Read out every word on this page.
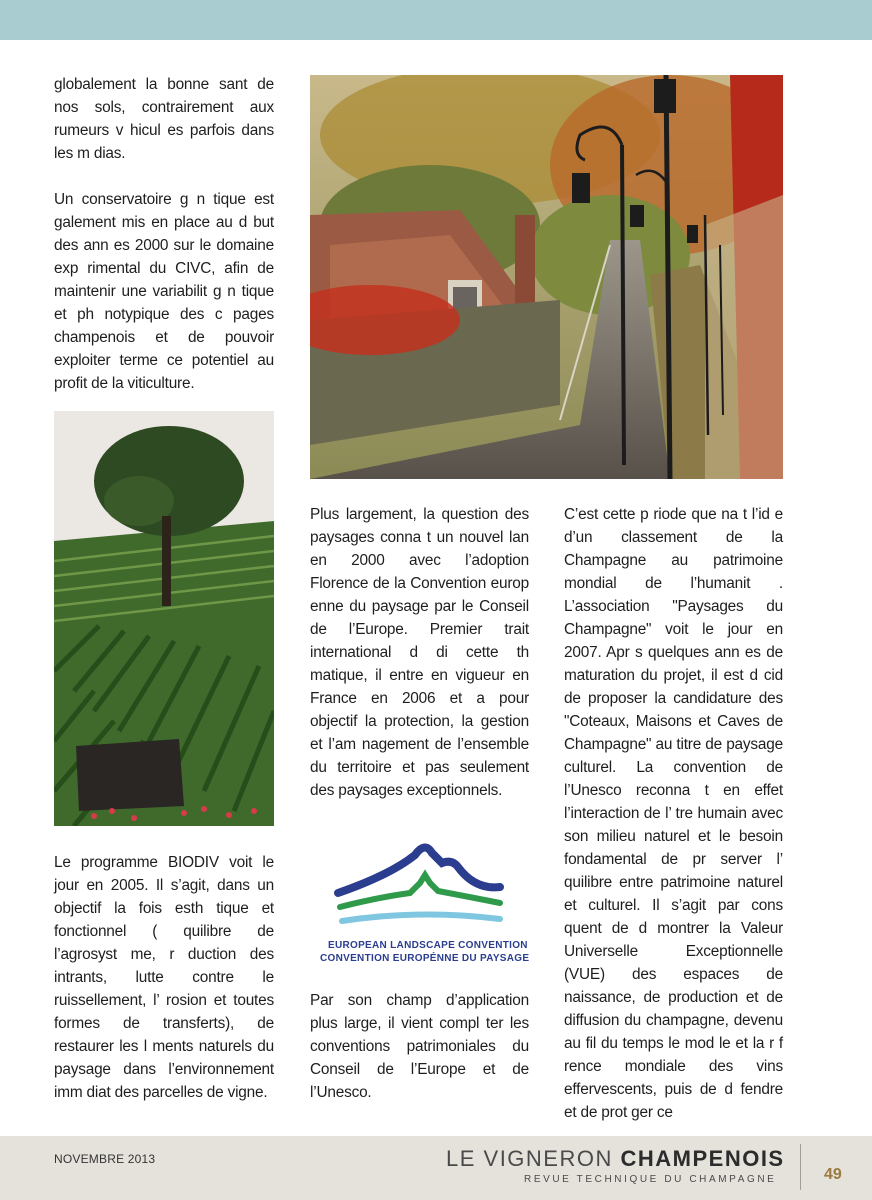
globalement la bonne sant de nos sols, contrairement aux rumeurs v hicul es parfois dans les m dias.

Un conservatoire g n tique est galement mis en place au d but des ann es 2000 sur le domaine exp rimental du CIVC, afin de maintenir une variabilit g n tique et ph notypique des c pages champenois et de pouvoir exploiter terme ce potentiel au profit de la viticulture.

Le programme BIODIV voit le jour en 2005. Il s’agit, dans un objectif la fois esth tique et fonctionnel ( quilibre de l’agrosyst me, r duction des intrants, lutte contre le ruissellement, l’ rosion et toutes formes de transferts), de restaurer les l ments naturels du paysage dans l’environnement imm diat des parcelles de vigne.

Plus largement, la question des paysages conna t un nouvel lan en 2000 avec l’adoption Florence de la Convention europ enne du paysage par le Conseil de l’Europe. Premier trait international d di cette th matique, il entre en vigueur en France en 2006 et a pour objectif la protection, la gestion et l’am nagement de l’ensemble du territoire et pas seulement des paysages exceptionnels.

EUROPEAN LANDSCAPE CONVENTION
CONVENTION EUROPÉNNE DU PAYSAGE

Par son champ d’application plus large, il vient compl ter les conventions patrimoniales du Conseil de l’Europe et de l’Unesco.

C’est cette p riode que na t l’id e d’un classement de la Champagne au patrimoine mondial de l’humanit . L’association "Paysages du Champagne" voit le jour en 2007. Apr s quelques ann es de maturation du projet, il est d cid de proposer la candidature des "Coteaux, Maisons et Caves de Champagne" au titre de paysage culturel. La convention de l’Unesco reconna t en effet l’interaction de l’ tre humain avec son milieu naturel et le besoin fondamental de pr server l’ quilibre entre patrimoine naturel et culturel. Il s’agit par cons quent de d montrer la Valeur Universelle Exceptionnelle (VUE) des espaces de naissance, de production et de diffusion du champagne, devenu au fil du temps le mod le et la r f rence mondiale des vins effervescents, puis de d fendre et de prot ger ce

NOVEMBRE 2013	LE VIGNERON CHAMPENOIS
REVUE TECHNIQUE DU CHAMPAGNE	49
